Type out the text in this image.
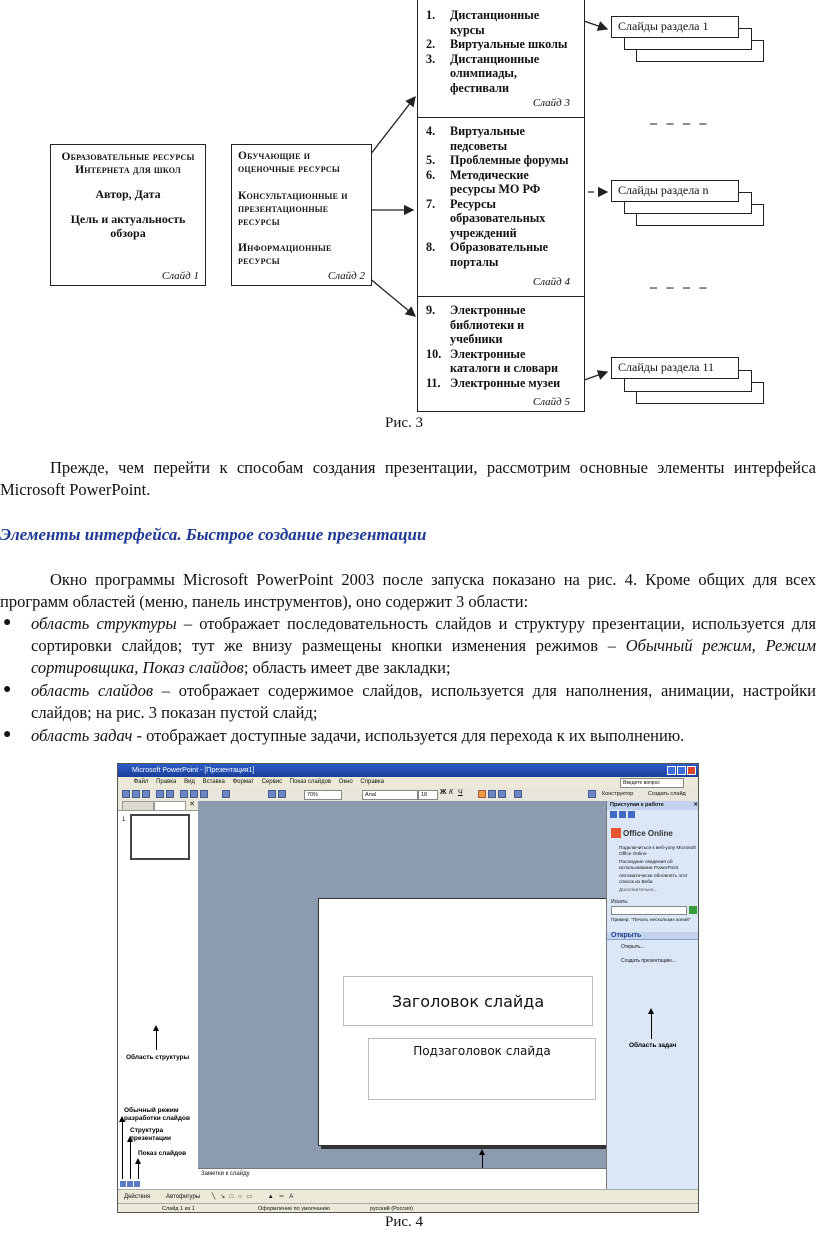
Образовательные ресурсы Интернета для школ
Автор, Дата
Цель и актуальность обзора
Слайд 1
Обучающие и оценочные ресурсы
Консультационные и презентационные ресурсы
Информационные ресурсы
Слайд 2
1.	Дистанционные курсы
2.	Виртуальные школы
3.	Дистанционные олимпиады, фестивали
Слайд 3
4.	Виртуальные педсоветы
5.	Проблемные форумы
6.	Методические ресурсы МО РФ
7.	Ресурсы образовательных учреждений
8.	Образовательные порталы
Слайд 4
9.	Электронные библиотеки и учебники
10. Электронные каталоги и словари
11. Электронные музеи
Слайд 5
Слайды раздела 1
– – – –
Слайды раздела n
– – – –
Слайды раздела 11
Рис. 3

Прежде, чем перейти к способам создания презентации, рассмотрим основные элементы интерфейса Microsoft PowerPoint.

Элементы интерфейса. Быстрое создание презентации

Окно программы Microsoft PowerPoint 2003 после запуска показано на рис. 4. Кроме общих для всех программ областей (меню, панель инструментов), оно содержит 3 области:

● область структуры – отображает последовательность слайдов и структуру презентации, используется для сортировки слайдов; тут же внизу размещены кнопки изменения режимов – Обычный режим, Режим сортировщика, Показ слайдов; область имеет две закладки;

● область слайдов – отображает содержимое слайдов, используется для наполнения, анимации, настройки слайдов; на рис. 3 показан пустой слайд;

● область задач - отображает доступные задачи, используется для перехода к их выполнению.

Microsoft PowerPoint - [Презентация1]
Файл Правка Вид Вставка Формат Сервис Показ слайдов Окно Справка	Введите вопрос
70%	Arial	18	Ж К Ч	Конструктор	Создать слайд
✕
1
Область структуры
Обычный режим разработки слайдов
Структура презентации
Показ слайдов
Заголовок слайда
Подзаголовок слайда
Заметки к слайду
Приступая к работе	✕
Office Online
Подключиться к веб-узлу Microsoft Office Online
Последние сведения об использовании PowerPoint
Автоматически обновлять этот список из Веба
Дополнительно...
Искать:
Пример: "Печать нескольких копий"
Открыть
Открыть...
Создать презентацию...
Область задач
Действия	Автофигуры ╲ ↘ □ ○ ▭	▲ ═ A
Слайд 1 из 1	Оформление по умолчанию	русский (Россия)
Рис. 4
